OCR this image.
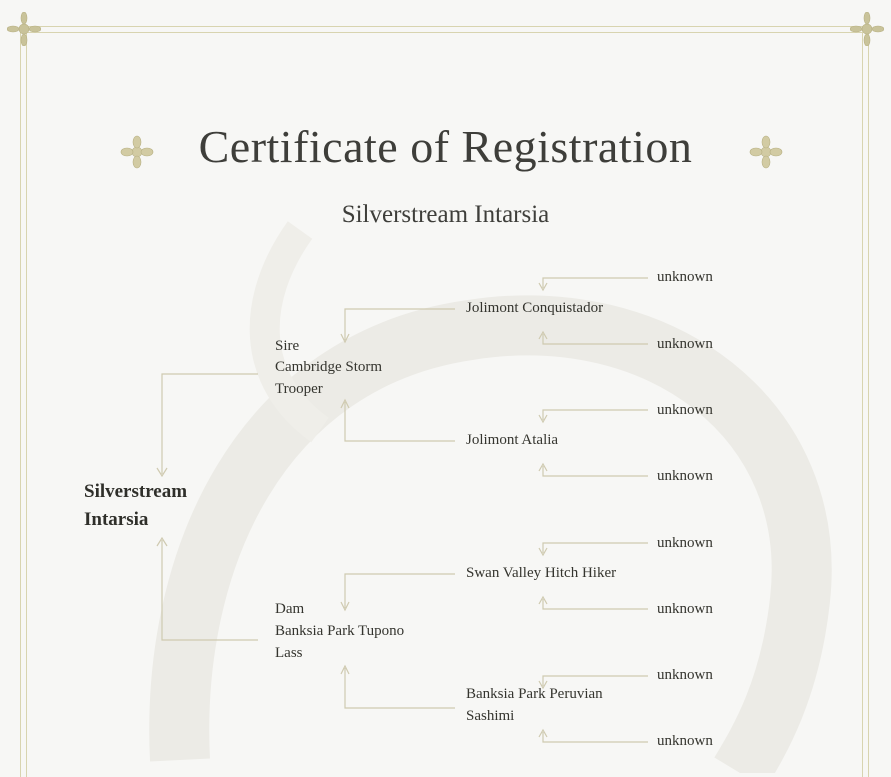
Certificate of Registration
Silverstream Intarsia
Silverstream Intarsia
Sire
Cambridge Storm
Trooper
Dam
Banksia Park Tupono
Lass
Jolimont Conquistador
Jolimont Atalia
Swan Valley Hitch Hiker
Banksia Park Peruvian
Sashimi
unknown
unknown
unknown
unknown
unknown
unknown
unknown
unknown
